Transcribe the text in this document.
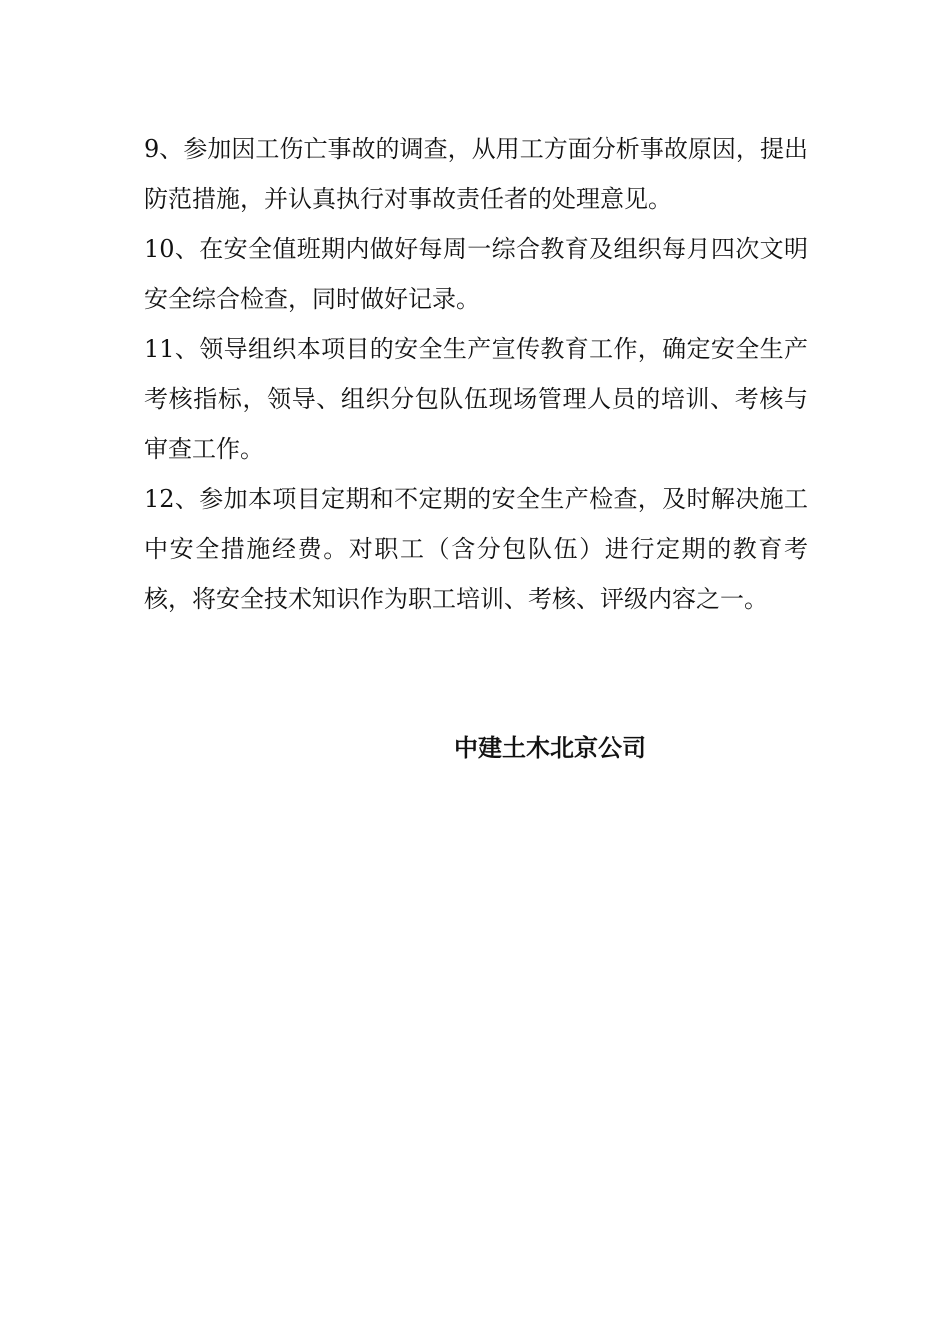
9、参加因工伤亡事故的调查，从用工方面分析事故原因，提出防范措施，并认真执行对事故责任者的处理意见。

10、在安全值班期内做好每周一综合教育及组织每月四次文明安全综合检查，同时做好记录。

11、领导组织本项目的安全生产宣传教育工作，确定安全生产考核指标，领导、组织分包队伍现场管理人员的培训、考核与审查工作。

12、参加本项目定期和不定期的安全生产检查，及时解决施工中安全措施经费。对职工（含分包队伍）进行定期的教育考核，将安全技术知识作为职工培训、考核、评级内容之一。

中建土木北京公司
